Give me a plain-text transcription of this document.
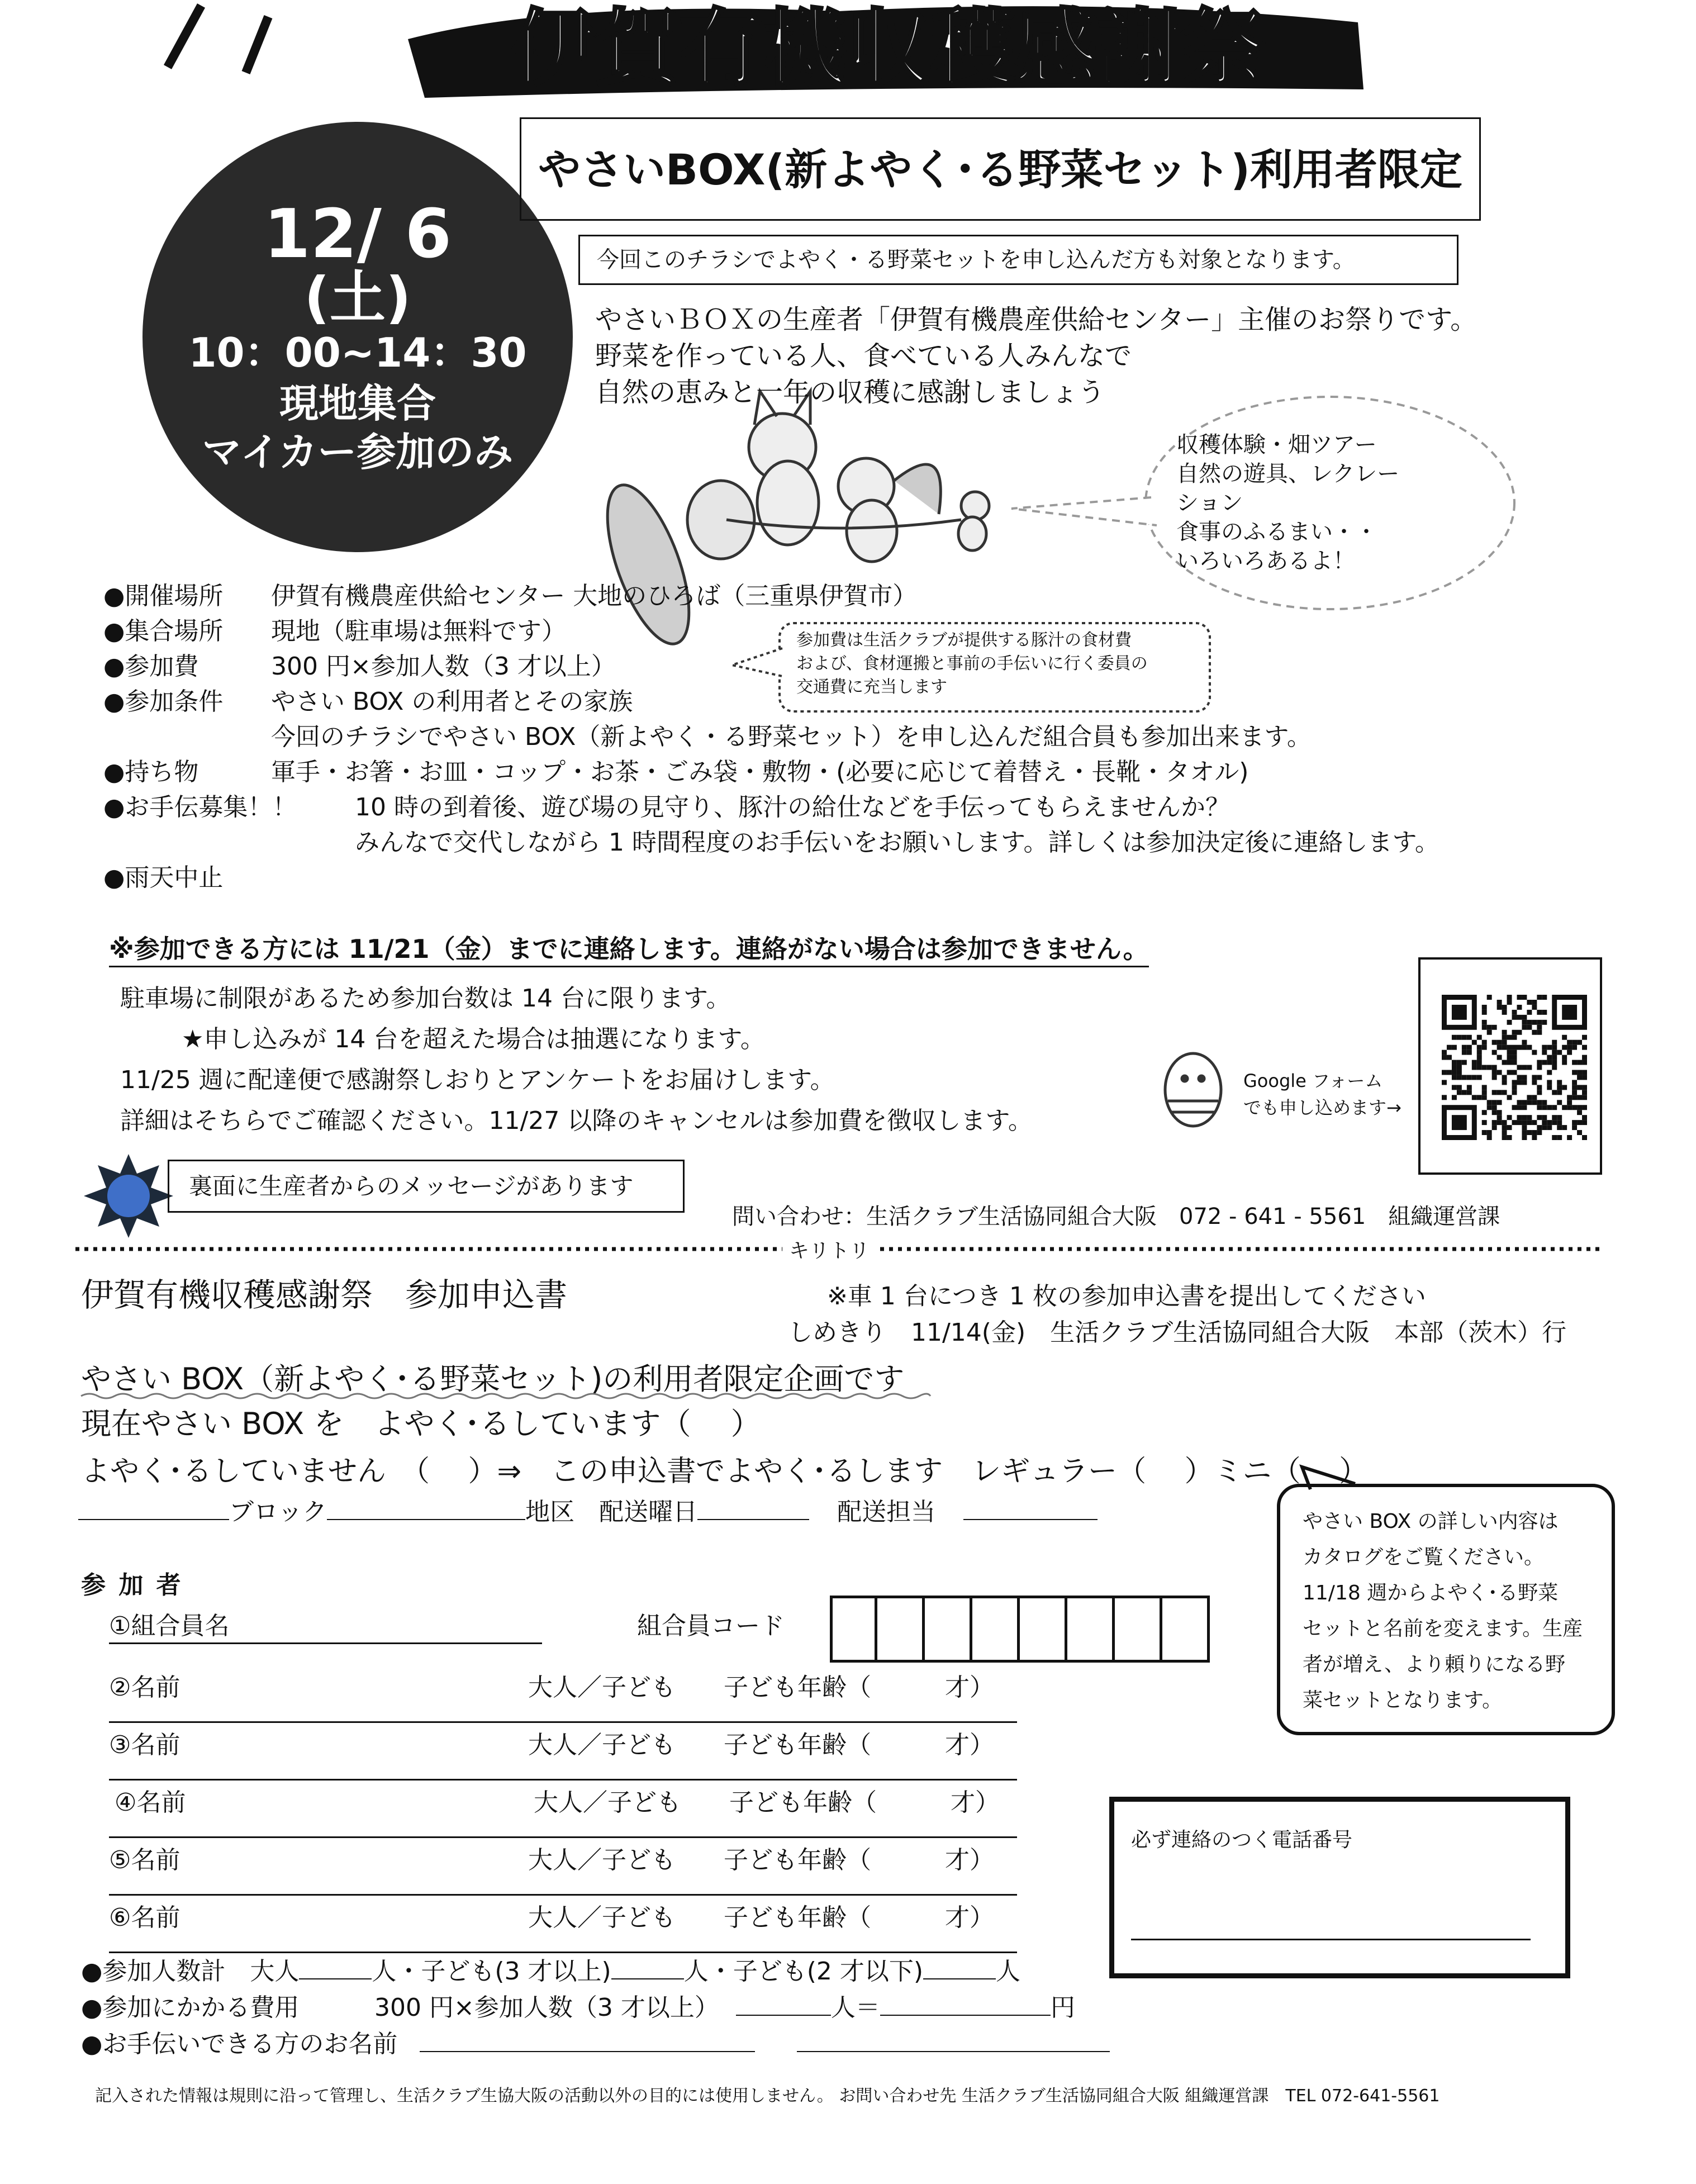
伊賀有機収穫感謝祭
やさいBOX(新よやく･る野菜セット)利用者限定
今回このチラシでよやく・る野菜セットを申し込んだ方も対象となります。
12/ 6
(土)
10：00~14：30
現地集合
マイカー参加のみ
やさいＢＯＸの生産者「伊賀有機農産供給センター」主催のお祭りです。
野菜を作っている人、食べている人みんなで
自然の恵みと一年の収穫に感謝しましょう
収穫体験・畑ツアー
自然の遊具、レクレー
ション
食事のふるまい・・
いろいろあるよ！
●開催場所 伊賀有機農産供給センター 大地のひろば（三重県伊賀市）
●集合場所 現地（駐車場は無料です）
●参加費	300 円×参加人数（3 才以上）
●参加条件 やさい BOX の利用者とその家族
今回のチラシでやさい BOX（新よやく・る野菜セット）を申し込んだ組合員も参加出来ます。
●持ち物	軍手・お箸・お皿・コップ・お茶・ごみ袋・敷物・(必要に応じて着替え・長靴・タオル)
●お手伝募集！！ 10 時の到着後、遊び場の見守り、豚汁の給仕などを手伝ってもらえませんか？
みんなで交代しながら 1 時間程度のお手伝いをお願いします。詳しくは参加決定後に連絡します。
●雨天中止
参加費は生活クラブが提供する豚汁の食材費
および、食材運搬と事前の手伝いに行く委員の
交通費に充当します
※参加できる方には 11/21（金）までに連絡します。連絡がない場合は参加できません。
駐車場に制限があるため参加台数は 14 台に限ります。
★申し込みが 14 台を超えた場合は抽選になります。
11/25 週に配達便で感謝祭しおりとアンケートをお届けします。
詳細はそちらでご確認ください。11/27 以降のキャンセルは参加費を徴収します。
Google フォーム
でも申し込めます→
裏面に生産者からのメッセージがあります
問い合わせ：生活クラブ生活協同組合大阪　072 - 641 - 5561　組織運営課
キリトリ
伊賀有機収穫感謝祭　参加申込書	※車 1 台につき 1 枚の参加申込書を提出してください
しめきり　11/14(金)　生活クラブ生活協同組合大阪　本部（茨木）行
やさい BOX（新よやく･る野菜セット)の利用者限定企画です
現在やさい BOX を　よやく･るしています（　 ）
よやく･るしていません　（　 ）⇒　この申込書でよやく･るします　レギュラー（　 ）ミニ（　 ）
ブロック	地区　配送曜日	配送担当	やさい BOX の詳しい内容は
カタログをご覧ください。
11/18 週からよやく･る野菜
セットと名前を変えます。生産
者が増え、より頼りになる野
菜セットとなります。
参 加 者
①組合員名	組合員コード
②名前	大人／子ども 子ども年齢（　　　才）
③名前	大人／子ども 子ども年齢（　　　才）
④名前	大人／子ども 子ども年齢（　　　才）
⑤名前	大人／子ども 子ども年齢（　　　才）
⑥名前	大人／子ども 子ども年齢（　　　才）
必ず連絡のつく電話番号
●参加人数計　大人	人・子ども(3 才以上)	人・子ども(2 才以下)	人
●参加にかかる費用	300 円×参加人数（3 才以上）	人＝	円
●お手伝いできる方のお名前
記入された情報は規則に沿って管理し、生活クラブ生協大阪の活動以外の目的には使用しません。 お問い合わせ先 生活クラブ生活協同組合大阪 組織運営課　TEL 072-641-5561
